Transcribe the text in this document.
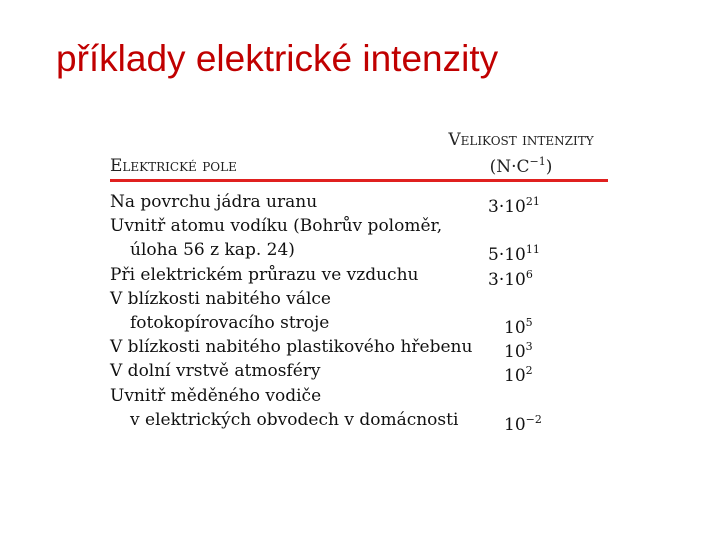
příklady elektrické intenzity
Elektrické pole
Velikost intenzity
$(N\cdot C^{-1})$
Na povrchu jádra uranu	$3\cdot 10^{21}$
Uvnitř atomu vodíku (Bohrův poloměr,
úloha 56 z kap. 24)	$5\cdot 10^{11}$
Při elektrickém průrazu ve vzduchu	$3\cdot 10^6$
V blízkosti nabitého válce
fotokopírovacího stroje	$10^5$
V blízkosti nabitého plastikového hřebenu $10^3$
V dolní vrstvě atmosféry	$10^2$
Uvnitř měděného vodiče
v elektrických obvodech v domácnosti	$10^{-2}$
